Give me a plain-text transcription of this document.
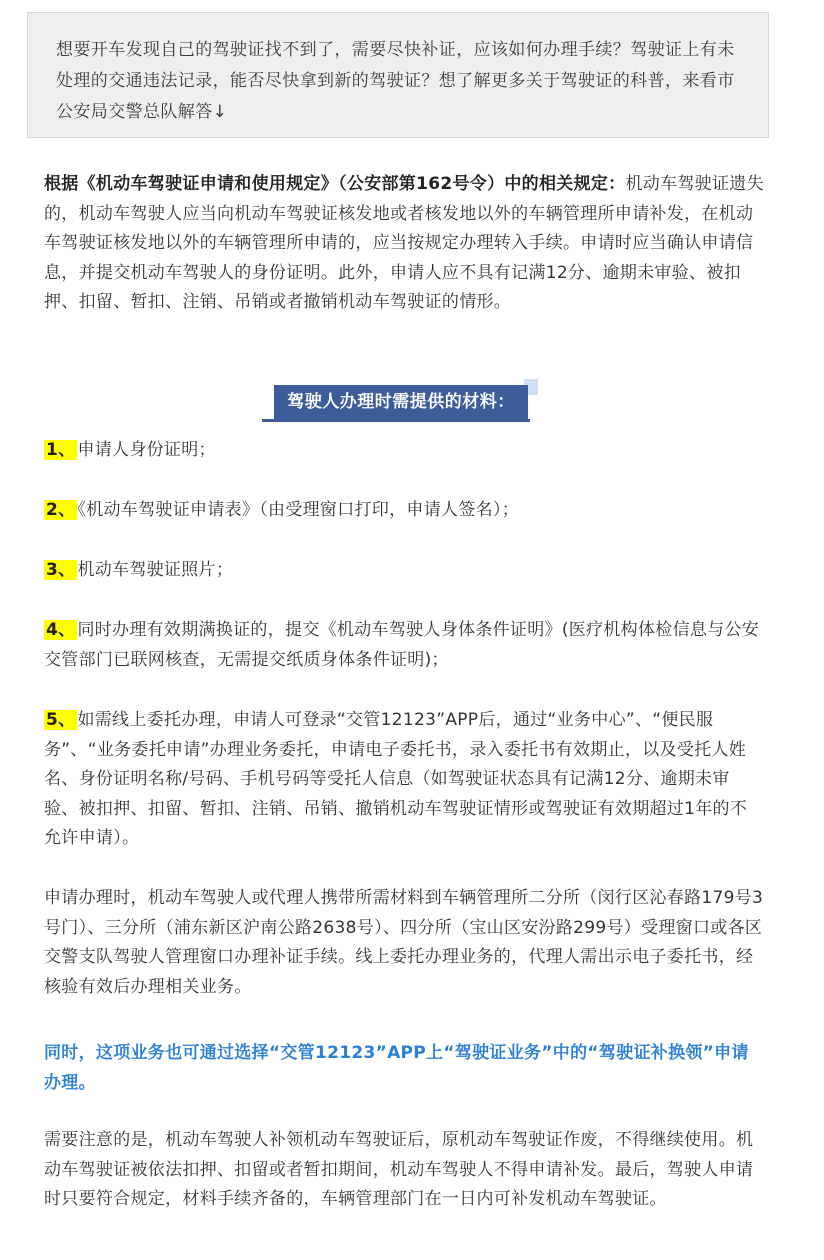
想要开车发现自己的驾驶证找不到了，需要尽快补证，应该如何办理手续？驾驶证上有未处理的交通违法记录，能否尽快拿到新的驾驶证？想了解更多关于驾驶证的科普，来看市公安局交警总队解答↓
根据《机动车驾驶证申请和使用规定》（公安部第162号令）中的相关规定：机动车驾驶证遗失的，机动车驾驶人应当向机动车驾驶证核发地或者核发地以外的车辆管理所申请补发，在机动车驾驶证核发地以外的车辆管理所申请的，应当按规定办理转入手续。申请时应当确认申请信息，并提交机动车驾驶人的身份证明。此外，申请人应不具有记满12分、逾期未审验、被扣押、扣留、暂扣、注销、吊销或者撤销机动车驾驶证的情形。
驾驶人办理时需提供的材料：
1、 申请人身份证明；
2、 《机动车驾驶证申请表》（由受理窗口打印，申请人签名）；
3、 机动车驾驶证照片；
4、 同时办理有效期满换证的，提交《机动车驾驶人身体条件证明》(医疗机构体检信息与公安交管部门已联网核查，无需提交纸质身体条件证明)；
5、 如需线上委托办理，申请人可登录“交管12123”APP后，通过“业务中心”、“便民服务”、“业务委托申请”办理业务委托，申请电子委托书，录入委托书有效期止，以及受托人姓名、身份证明名称/号码、手机号码等受托人信息（如驾驶证状态具有记满12分、逾期未审验、被扣押、扣留、暂扣、注销、吊销、撤销机动车驾驶证情形或驾驶证有效期超过1年的不允许申请）。
申请办理时，机动车驾驶人或代理人携带所需材料到车辆管理所二分所（闵行区沁春路179号3号门）、三分所（浦东新区沪南公路2638号）、四分所（宝山区安汾路299号）受理窗口或各区交警支队驾驶人管理窗口办理补证手续。线上委托办理业务的，代理人需出示电子委托书，经核验有效后办理相关业务。
同时，这项业务也可通过选择“交管12123”APP上“驾驶证业务”中的“驾驶证补换领”申请办理。
需要注意的是，机动车驾驶人补领机动车驾驶证后，原机动车驾驶证作废，不得继续使用。机动车驾驶证被依法扣押、扣留或者暂扣期间，机动车驾驶人不得申请补发。最后，驾驶人申请时只要符合规定，材料手续齐备的，车辆管理部门在一日内可补发机动车驾驶证。
